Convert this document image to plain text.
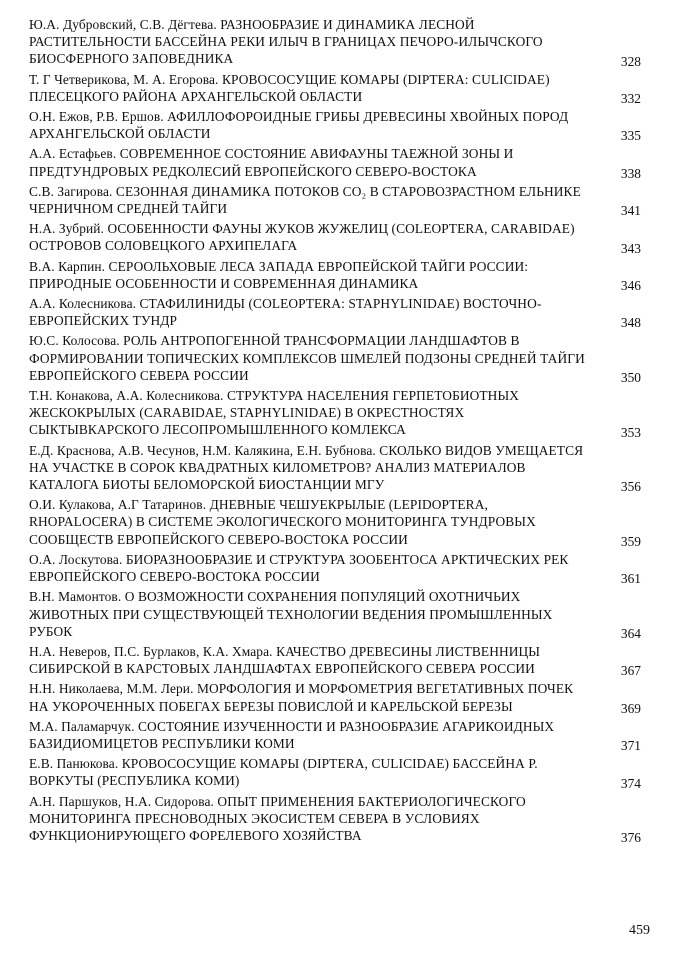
Ю.А. Дубровский, С.В. Дёгтева. РАЗНООБРАЗИЕ И ДИНАМИКА ЛЕСНОЙ РАСТИТЕЛЬНОСТИ БАССЕЙНА РЕКИ ИЛЫЧ В ГРАНИЦАХ ПЕЧОРО-ИЛЫЧСКОГО БИОСФЕРНОГО ЗАПОВЕДНИКА	328
Т. Г Четверикова, М. А. Егорова. КРОВОСОСУЩИЕ КОМАРЫ (DIPTERA: CULICIDAE) ПЛЕСЕЦКОГО РАЙОНА АРХАНГЕЛЬСКОЙ ОБЛАСТИ	332
О.Н. Ежов, Р.В. Ершов. АФИЛЛОФОРОИДНЫЕ ГРИБЫ ДРЕВЕСИНЫ ХВОЙНЫХ ПОРОД АРХАНГЕЛЬСКОЙ ОБЛАСТИ	335
А.А. Естафьев. СОВРЕМЕННОЕ СОСТОЯНИЕ АВИФАУНЫ ТАЕЖНОЙ ЗОНЫ И ПРЕДТУНДРОВЫХ РЕДКОЛЕСИЙ ЕВРОПЕЙСКОГО СЕВЕРО-ВОСТОКА	338
С.В. Загирова. СЕЗОННАЯ ДИНАМИКА ПОТОКОВ CO₂ В СТАРОВОЗРАСТНОМ ЕЛЬНИКЕ ЧЕРНИЧНОМ СРЕДНЕЙ ТАЙГИ	341
Н.А. Зубрий. ОСОБЕННОСТИ ФАУНЫ ЖУКОВ ЖУЖЕЛИЦ (COLEOPTERA, CARABIDAE) ОСТРОВОВ СОЛОВЕЦКОГО АРХИПЕЛАГА	343
В.А. Карпин. СЕРООЛЬХОВЫЕ ЛЕСА ЗАПАДА ЕВРОПЕЙСКОЙ ТАЙГИ РОССИИ: ПРИРОДНЫЕ ОСОБЕННОСТИ И СОВРЕМЕННАЯ ДИНАМИКА	346
А.А. Колесникова. СТАФИЛИНИДЫ (COLEOPTERA: STAPHYLINIDAE) ВОСТОЧНО-ЕВРОПЕЙСКИХ ТУНДР	348
Ю.С. Колосова. РОЛЬ АНТРОПОГЕННОЙ ТРАНСФОРМАЦИИ ЛАНДШАФТОВ В ФОРМИРОВАНИИ ТОПИЧЕСКИХ КОМПЛЕКСОВ ШМЕЛЕЙ ПОДЗОНЫ СРЕДНЕЙ ТАЙГИ ЕВРОПЕЙСКОГО СЕВЕРА РОССИИ	350
Т.Н. Конакова, А.А. Колесникова. СТРУКТУРА НАСЕЛЕНИЯ ГЕРПЕТОБИОТНЫХ ЖЕСКОКРЫЛЫХ (CARABIDAE, STAPHYLINIDAE) В ОКРЕСТНОСТЯХ СЫКТЫВКАРСКОГО ЛЕСОПРОМЫШЛЕННОГО КОМЛЕКСА	353
Е.Д. Краснова, А.В. Чесунов, Н.М. Калякина, Е.Н. Бубнова. СКОЛЬКО ВИДОВ УМЕЩАЕТСЯ НА УЧАСТКЕ В СОРОК КВАДРАТНЫХ КИЛОМЕТРОВ? АНАЛИЗ МАТЕРИАЛОВ КАТАЛОГА БИОТЫ БЕЛОМОРСКОЙ БИОСТАНЦИИ МГУ	356
О.И. Кулакова, А.Г Татаринов. ДНЕВНЫЕ ЧЕШУЕКРЫЛЫЕ (LEPIDOPTERA, RHOPALOCERA) В СИСТЕМЕ ЭКОЛОГИЧЕСКОГО МОНИТОРИНГА ТУНДРОВЫХ СООБЩЕСТВ ЕВРОПЕЙСКОГО СЕВЕРО-ВОСТОКА РОССИИ	359
О.А. Лоскутова. БИОРАЗНООБРАЗИЕ И СТРУКТУРА ЗООБЕНТОСА АРКТИЧЕСКИХ РЕК ЕВРОПЕЙСКОГО СЕВЕРО-ВОСТОКА РОССИИ	361
В.Н. Мамонтов. О ВОЗМОЖНОСТИ СОХРАНЕНИЯ ПОПУЛЯЦИЙ ОХОТНИЧЬИХ ЖИВОТНЫХ ПРИ СУЩЕСТВУЮЩЕЙ ТЕХНОЛОГИИ ВЕДЕНИЯ ПРОМЫШЛЕННЫХ РУБОК	364
Н.А. Неверов, П.С. Бурлаков, К.А. Хмара. КАЧЕСТВО ДРЕВЕСИНЫ ЛИСТВЕННИЦЫ СИБИРСКОЙ В КАРСТОВЫХ ЛАНДШАФТАХ ЕВРОПЕЙСКОГО СЕВЕРА РОССИИ	367
Н.Н. Николаева, М.М. Лери. МОРФОЛОГИЯ И МОРФОМЕТРИЯ ВЕГЕТАТИВНЫХ ПОЧЕК НА УКОРОЧЕННЫХ ПОБЕГАХ БЕРЕЗЫ ПОВИСЛОЙ И КАРЕЛЬСКОЙ БЕРЕЗЫ	369
М.А. Паламарчук. СОСТОЯНИЕ ИЗУЧЕННОСТИ И РАЗНООБРАЗИЕ АГАРИКОИДНЫХ БАЗИДИОМИЦЕТОВ РЕСПУБЛИКИ КОМИ	371
Е.В. Панюкова. КРОВОСОСУЩИЕ КОМАРЫ (DIPTERA, CULICIDAE) БАССЕЙНА Р. ВОРКУТЫ (РЕСПУБЛИКА КОМИ)	374
А.Н. Паршуков, Н.А. Сидорова. ОПЫТ ПРИМЕНЕНИЯ БАКТЕРИОЛОГИЧЕСКОГО МОНИТОРИНГА ПРЕСНОВОДНЫХ ЭКОСИСТЕМ СЕВЕРА В УСЛОВИЯХ ФУНКЦИОНИРУЮЩЕГО ФОРЕЛЕВОГО ХОЗЯЙСТВА	376
459
